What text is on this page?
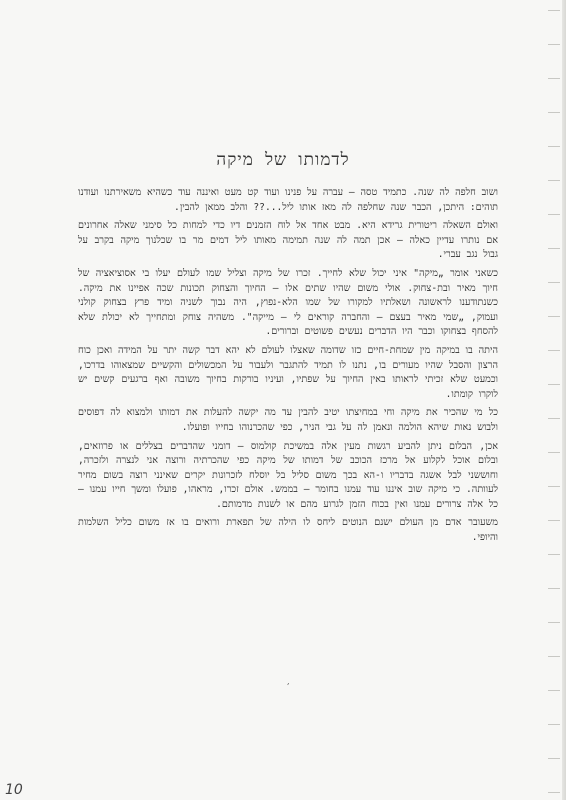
לדמותו של מיקה

ושוב חלפה לה שנה. כתמיד טסה — עברה על פנינו ועוד קט מעט ואיננה עוד כשהיא משאירתנו ועודנו תוהים: היתכן, הכבר שנה שחלפה לה מאז אותו ליל...?? והלב ממאן להבין.

ואולם השאלה ריטורית גרידא היא. מבט אחד אל לוח הזמנים דיו כדי למחות כל סימני שאלה אחרונים אם נותרו עדיין כאלה — אכן תמה לה שנה תמימה מאותו ליל דמים מר בו שכלנוך מיקה בקרב על גבול נגב עברי.

כשאני אומר „מיקה" איני יכול שלא לחייך. זכרו של מיקה וצליל שמו לעולם יעלו בי אסוציאציה של חיוך מאיר ובת-צחוק. אולי משום שהיו שתים אלו — החיוך והצחוק תכונות שכה אפיינו את מיקה. כשנתודענו לראשונה ושאלתיו למקורו של שמו הלא-נפוץ, היה נבוך לשניה ומיד פרץ בצחוק קולני ועמוק, „שמי מאיר בעצם — והחברה קוראים לי — מייקה". משהיה צוחק ומתחייך לא יכולת שלא להסחף בצחוקו וכבר היו הדברים נעשים פשוטים וברורים.

היתה בו במיקה מין שמחת-חיים כזו שדומה שאצלו לעולם לא יהא דבר קשה יתר על המידה ואכן כוח הרצון והסבל שהיו מעורים בו, נתנו לו תמיד להתגבר ולעבור על המכשולים והקשיים שמצאוהו בדרכו, וכמעט שלא זכיתי לראותו באין החיוך על שפתיו, ועיניו בורקות בחיוך משובה ואף ברגעים קשים יש לוקרו קומתו.

כל מי שהכיר את מיקה וחי במחיצתו יטיב להבין עד מה יקשה להעלות את דמותו ולמצוא לה דפוסים ולבוש נאות שיהא הולמה ונאמן לה על גבי הניר, כפי שהכרנוהו בחייו ופועלו.

אכן, הבלום ניתן להביע רגשות מעין אלה במשיכת קולמוס — דומני שהדברים בצללים או פרוזאים, ובלום אוכל לקלוע אל מרכז הכוכב של דמותו של מיקה כפי שהכרתיה ורוצה אני לנצרה ולזכרה, וחוששני לבל אשגה בדבריו ו-הא בכך משום סליל בל יוסלח לזכרונות יקרים שאינני רוצה בשום מחיר לעוותה. כי מיקה שוב איננו עוד עמנו בחומר — בממש. אולם זכרו, מראהו, פועלו ומשך חייו עמנו — כל אלה צרורים עמנו ואין בכוח הזמן לגרוע מהם או לשנות מדמותם.

משעובר אדם מן העולם ישנם הנוטים ליחס לו הילה של תפארת ורואים בו אז משום כליל השלמות והיופי.

,
10
